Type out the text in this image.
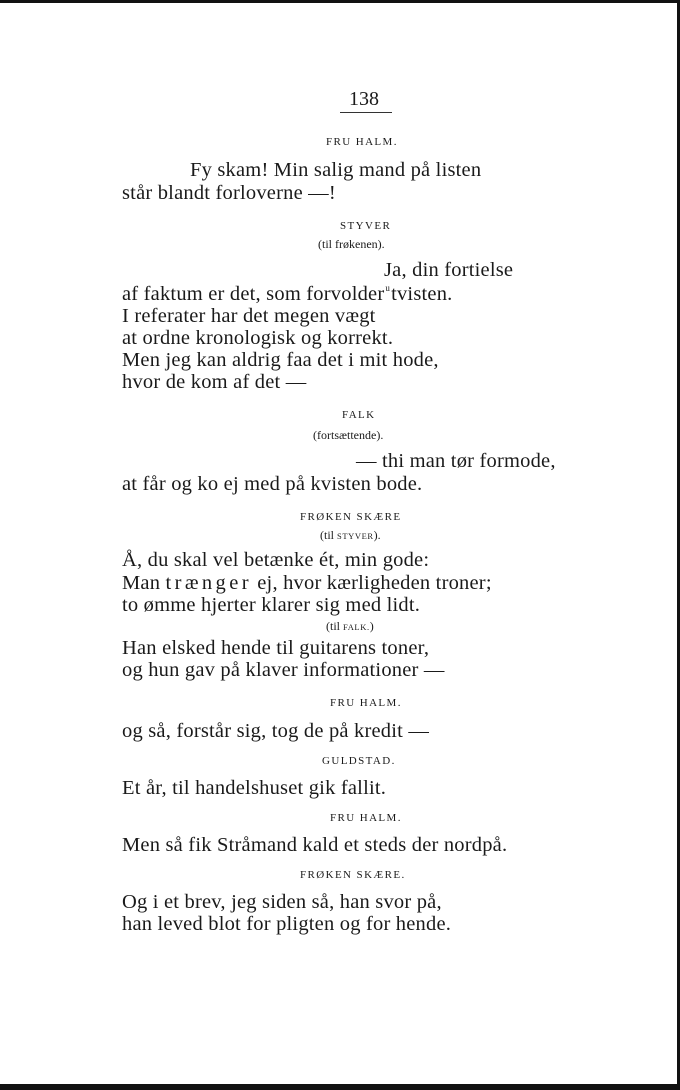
138
FRU HALM.
Fy skam! Min salig mand på listen
står blandt forloverne —!
STYVER
(til frøkenen).
Ja, din fortielse
af faktum er det, som forvolder$^u$tvisten.
I referater har det megen vægt
at ordne kronologisk og korrekt.
Men jeg kan aldrig faa det i mit hode,
hvor de kom af det —
FALK
(fortsættende).
— thi man tør formode,
at får og ko ej med på kvisten bode.
FRØKEN SKÆRE
(til STYVER).
Å, du skal vel betænke ét, min gode:
Man trænger ej, hvor kærligheden troner;
to ømme hjerter klarer sig med lidt.
(til FALK.)
Han elsked hende til guitarens toner,
og hun gav på klaver informationer —
FRU HALM.
og så, forstår sig, tog de på kredit —
GULDSTAD.
Et år, til handelshuset gik fallit.
FRU HALM.
Men så fik Stråmand kald et steds der nordpå.
FRØKEN SKÆRE.
Og i et brev, jeg siden så, han svor på,
han leved blot for pligten og for hende.
